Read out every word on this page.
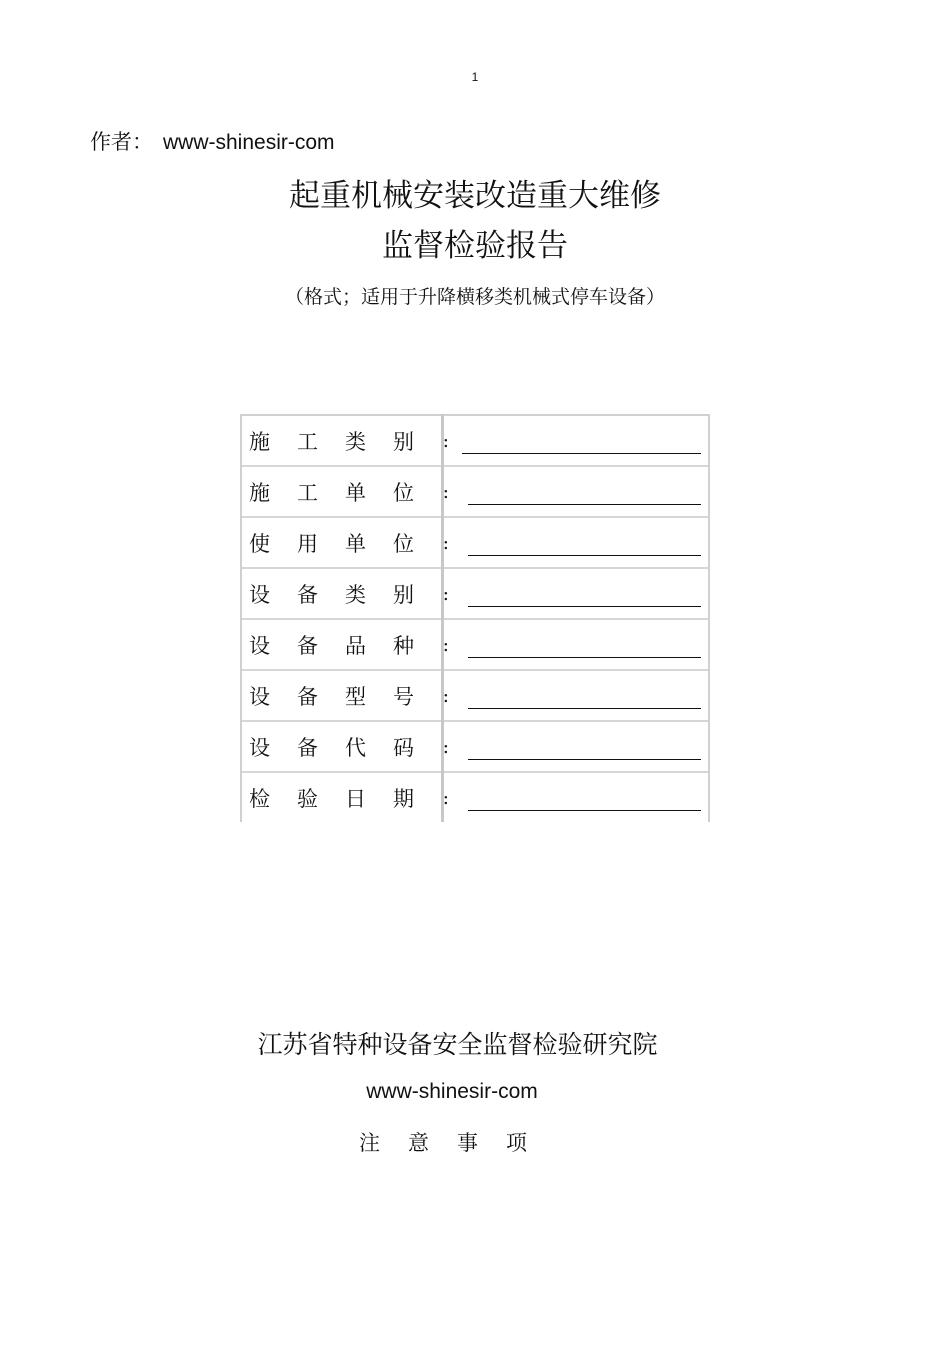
1
作者： www-shinesir-com
起重机械安装改造重大维修
监督检验报告
（格式；适用于升降横移类机械式停车设备）
施工类别 :	

施工单位 :	

使用单位 :	

设备类别 :	

设备品种 :	

设备型号 :	

设备代码 :	

检验日期 :	

江苏省特种设备安全监督检验研究院
www-shinesir-com
注意事项
